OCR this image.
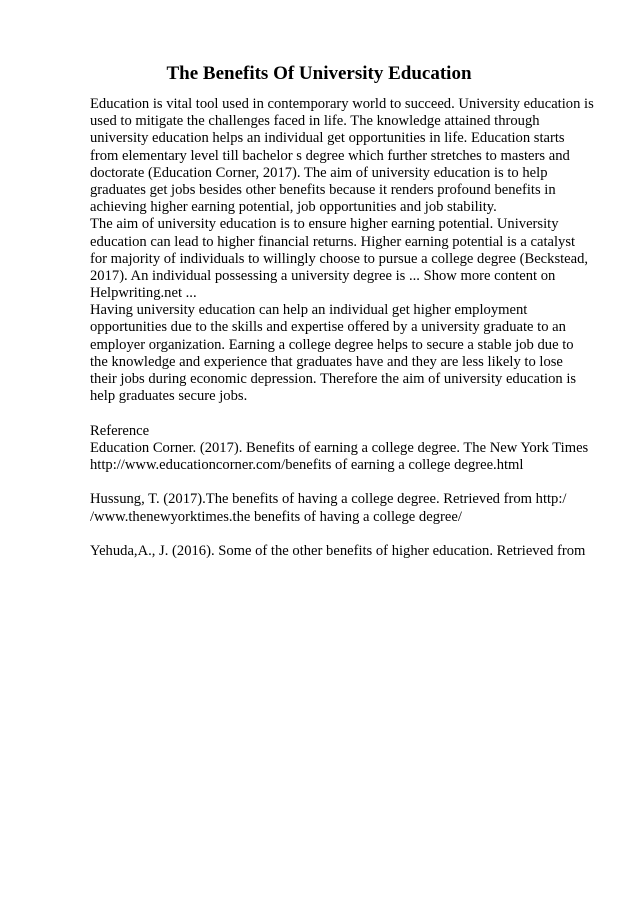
The Benefits Of University Education
Education is vital tool used in contemporary world to succeed. University education is
used to mitigate the challenges faced in life. The knowledge attained through
university education helps an individual get opportunities in life. Education starts
from elementary level till bachelor s degree which further stretches to masters and
doctorate (Education Corner, 2017). The aim of university education is to help
graduates get jobs besides other benefits because it renders profound benefits in
achieving higher earning potential, job opportunities and job stability.
The aim of university education is to ensure higher earning potential. University
education can lead to higher financial returns. Higher earning potential is a catalyst
for majority of individuals to willingly choose to pursue a college degree (Beckstead,
2017). An individual possessing a university degree is ... Show more content on
Helpwriting.net ...
Having university education can help an individual get higher employment
opportunities due to the skills and expertise offered by a university graduate to an
employer organization. Earning a college degree helps to secure a stable job due to
the knowledge and experience that graduates have and they are less likely to lose
their jobs during economic depression. Therefore the aim of university education is
help graduates secure jobs.
Reference
Education Corner. (2017). Benefits of earning a college degree. The New York Times
http://www.educationcorner.com/benefits of earning a college degree.html
Hussung, T. (2017).The benefits of having a college degree. Retrieved from http:/
/www.thenewyorktimes.the benefits of having a college degree/
Yehuda,A., J. (2016). Some of the other benefits of higher education. Retrieved from
